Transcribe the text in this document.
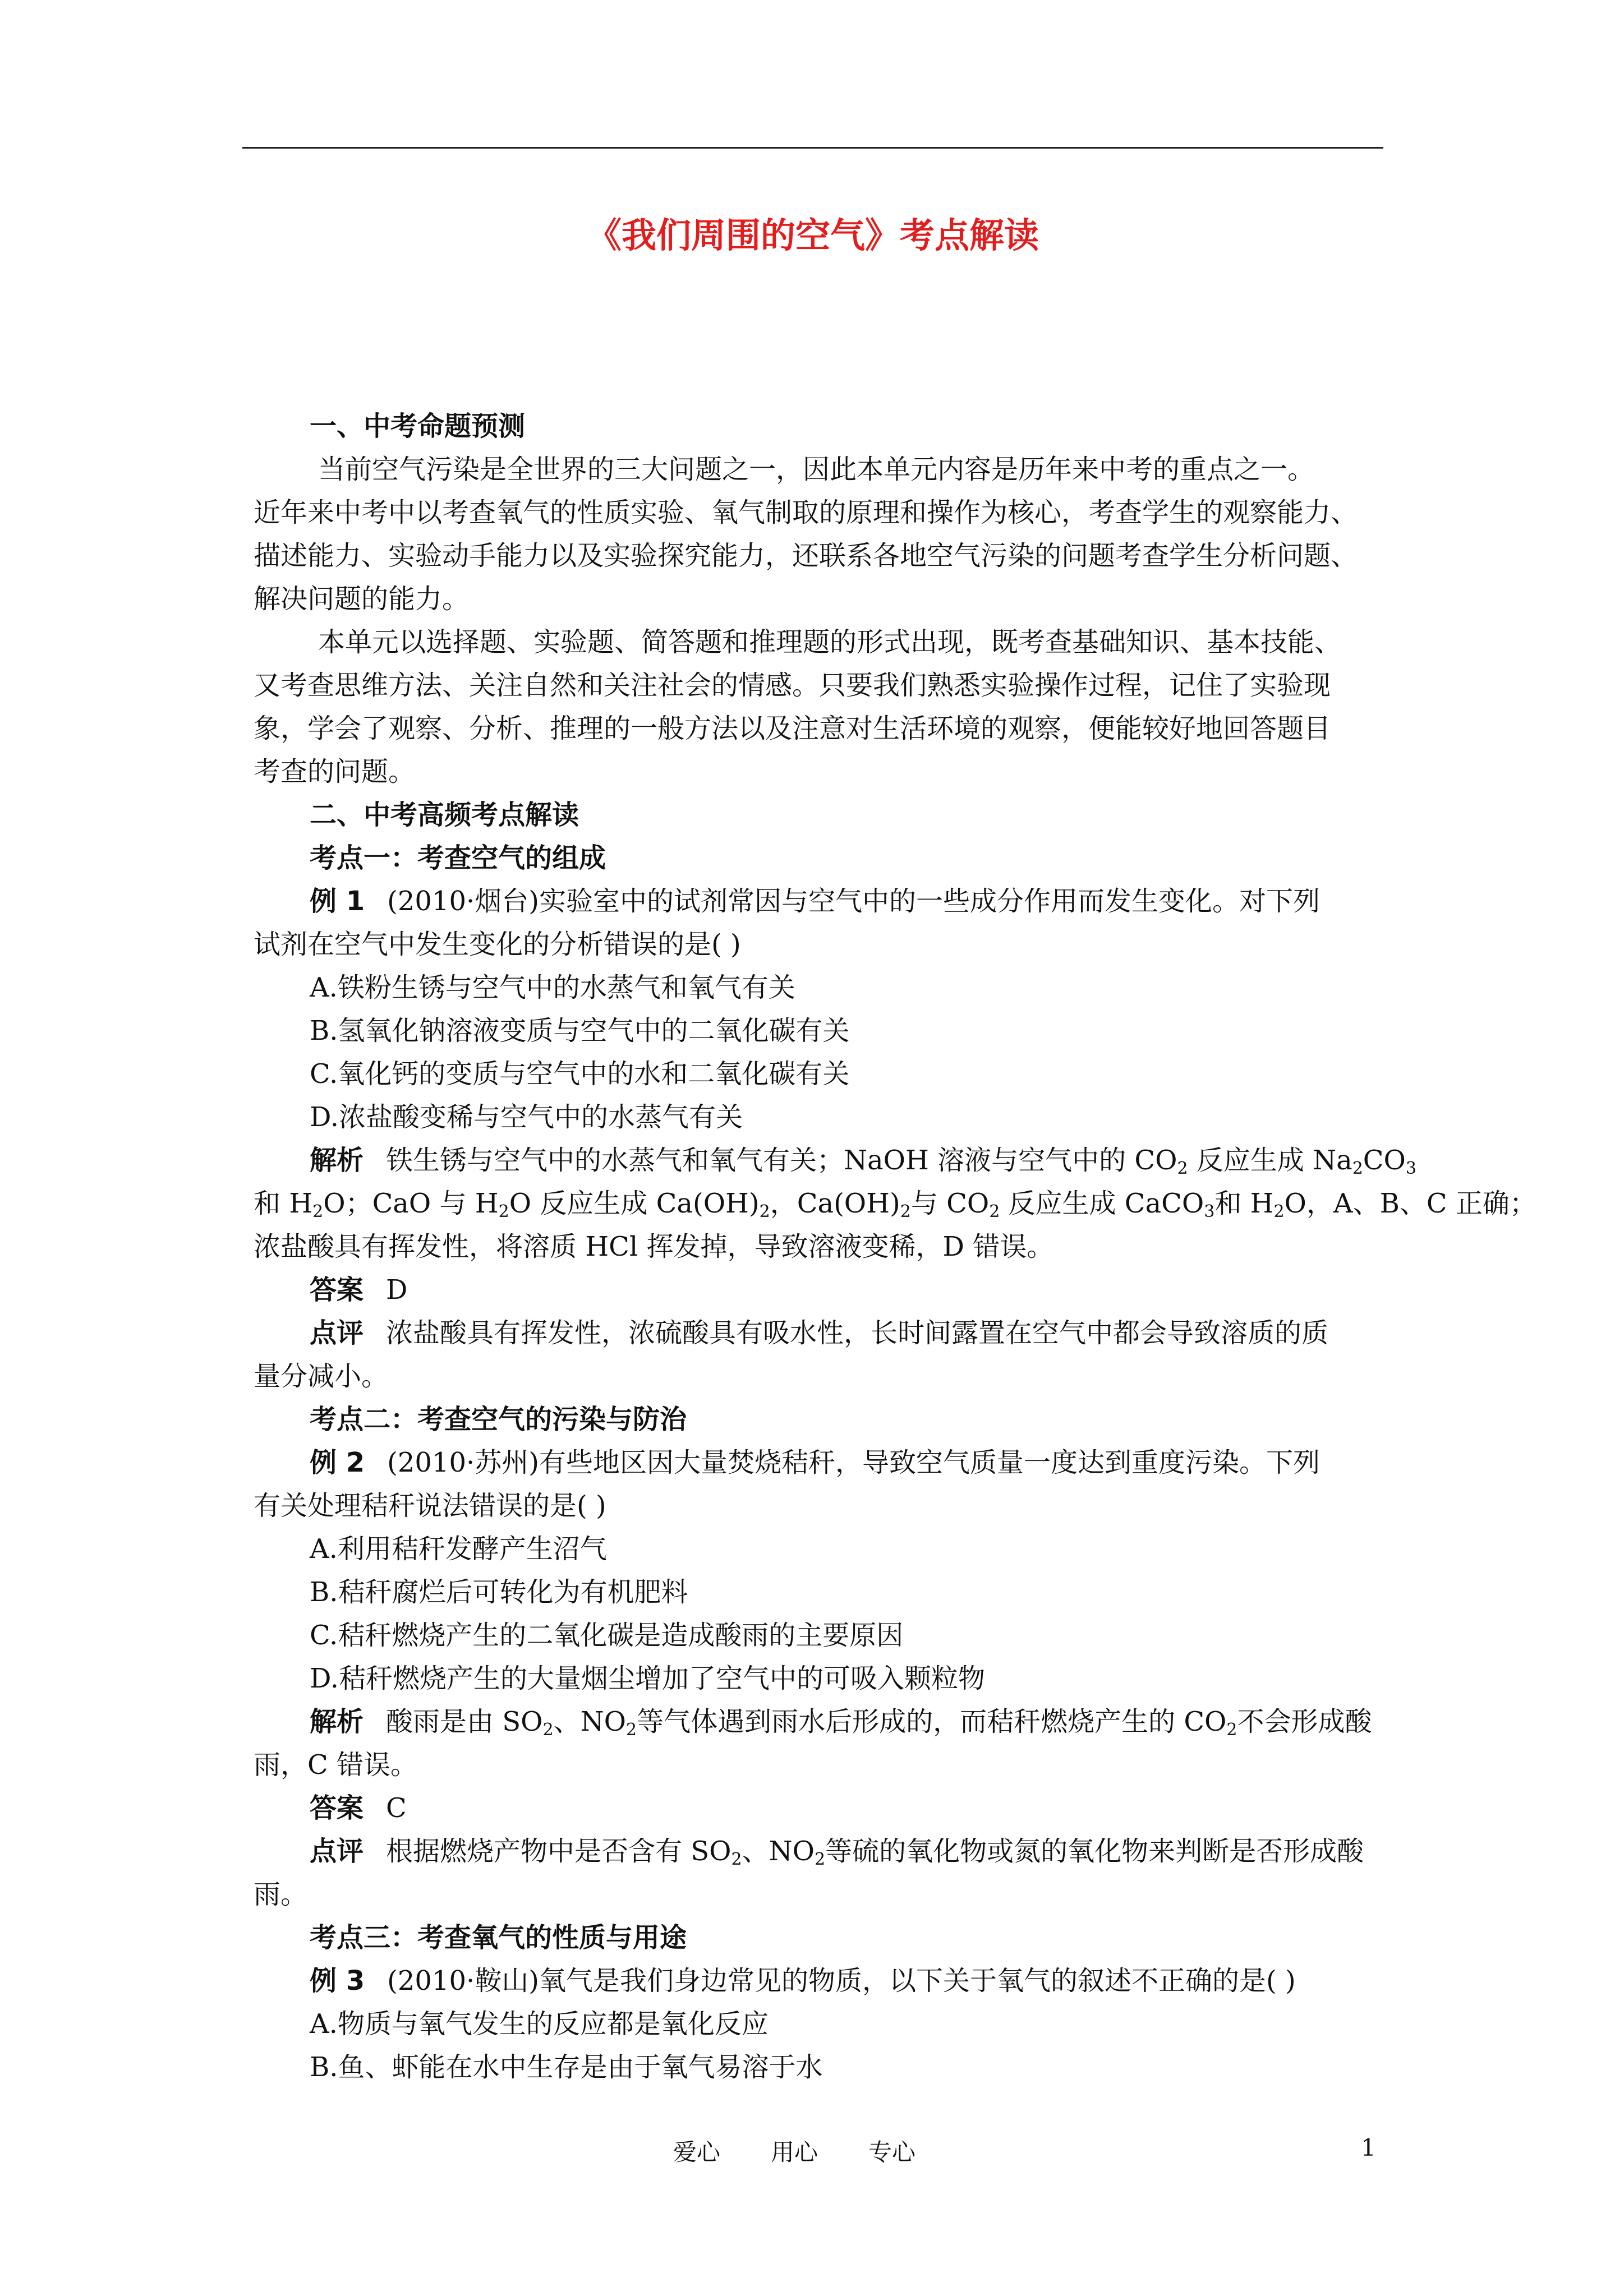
《我们周围的空气》考点解读
一、中考命题预测
当前空气污染是全世界的三大问题之一，因此本单元内容是历年来中考的重点之一。
近年来中考中以考查氧气的性质实验、氧气制取的原理和操作为核心，考查学生的观察能力、
描述能力、实验动手能力以及实验探究能力，还联系各地空气污染的问题考查学生分析问题、
解决问题的能力。
本单元以选择题、实验题、简答题和推理题的形式出现，既考查基础知识、基本技能、
又考查思维方法、关注自然和关注社会的情感。只要我们熟悉实验操作过程，记住了实验现
象，学会了观察、分析、推理的一般方法以及注意对生活环境的观察，便能较好地回答题目
考查的问题。
二、中考高频考点解读
考点一：考查空气的组成
例 1 (2010·烟台)实验室中的试剂常因与空气中的一些成分作用而发生变化。对下列
试剂在空气中发生变化的分析错误的是( )
A.铁粉生锈与空气中的水蒸气和氧气有关
B.氢氧化钠溶液变质与空气中的二氧化碳有关
C.氧化钙的变质与空气中的水和二氧化碳有关
D.浓盐酸变稀与空气中的水蒸气有关
解析 铁生锈与空气中的水蒸气和氧气有关；NaOH 溶液与空气中的 $CO_2$ 反应生成 $Na_2CO_3$
和 $H_2O$；CaO 与 $H_2O$ 反应生成 $Ca(OH)_2$，$Ca(OH)_2$与 $CO_2$ 反应生成 CaCO$_3$和 $H_2O$，A、B、C 正确；
浓盐酸具有挥发性，将溶质 HCl 挥发掉，导致溶液变稀，D 错误。
答案 D
点评 浓盐酸具有挥发性，浓硫酸具有吸水性，长时间露置在空气中都会导致溶质的质
量分减小。
考点二：考查空气的污染与防治
例 2 (2010·苏州)有些地区因大量焚烧秸秆，导致空气质量一度达到重度污染。下列
有关处理秸秆说法错误的是( )
A.利用秸秆发酵产生沼气
B.秸秆腐烂后可转化为有机肥料
C.秸秆燃烧产生的二氧化碳是造成酸雨的主要原因
D.秸秆燃烧产生的大量烟尘增加了空气中的可吸入颗粒物
解析 酸雨是由 $SO_2$、$NO_2$等气体遇到雨水后形成的，而秸秆燃烧产生的 $CO_2$不会形成酸
雨，C 错误。
答案 C
点评 根据燃烧产物中是否含有 $SO_2$、$NO_2$等硫的氧化物或氮的氧化物来判断是否形成酸
雨。
考点三：考查氧气的性质与用途
例 3 (2010·鞍山)氧气是我们身边常见的物质，以下关于氧气的叙述不正确的是( )
A.物质与氧气发生的反应都是氧化反应
B.鱼、虾能在水中生存是由于氧气易溶于水
爱心 用心 专心	1
